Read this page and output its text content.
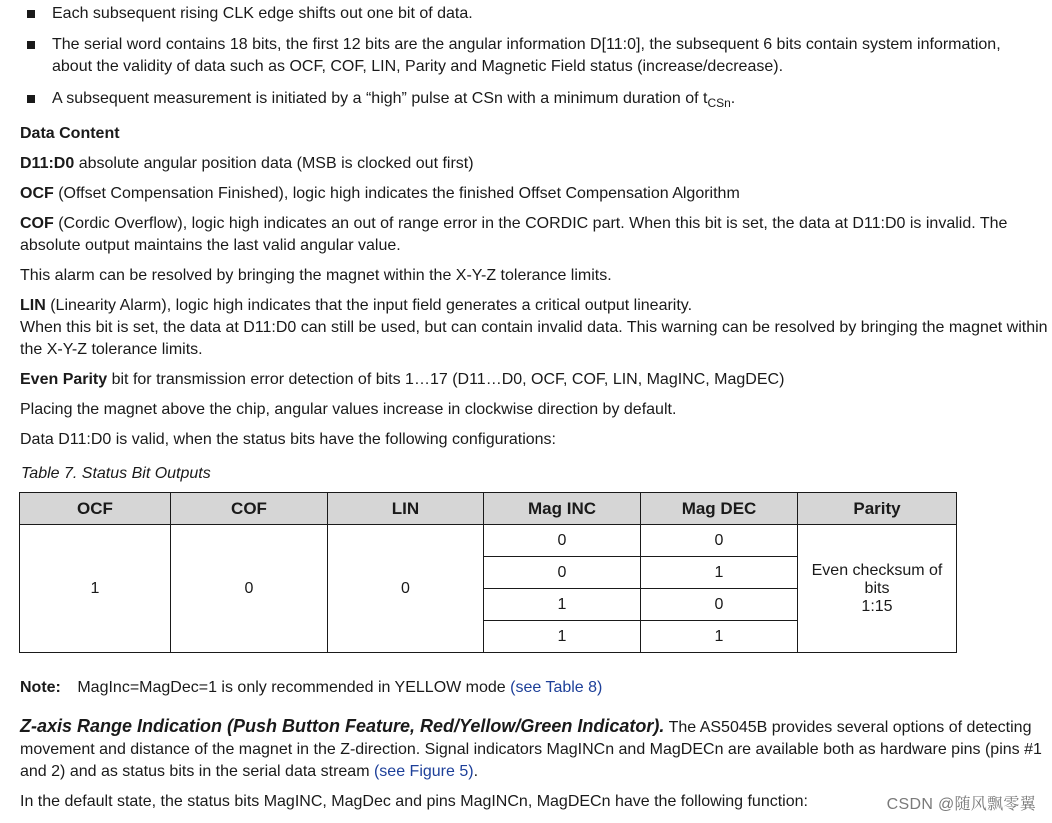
Each subsequent rising CLK edge shifts out one bit of data.
The serial word contains 18 bits, the first 12 bits are the angular information D[11:0], the subsequent 6 bits contain system information,
about the validity of data such as OCF, COF, LIN, Parity and Magnetic Field status (increase/decrease).
A subsequent measurement is initiated by a “high” pulse at CSn with a minimum duration of $t_{CSn}$.
Data Content
D11:D0 absolute angular position data (MSB is clocked out first)
OCF (Offset Compensation Finished), logic high indicates the finished Offset Compensation Algorithm
COF (Cordic Overflow), logic high indicates an out of range error in the CORDIC part. When this bit is set, the data at D11:D0 is invalid. The
absolute output maintains the last valid angular value.
This alarm can be resolved by bringing the magnet within the X-Y-Z tolerance limits.
LIN (Linearity Alarm), logic high indicates that the input field generates a critical output linearity.
When this bit is set, the data at D11:D0 can still be used, but can contain invalid data. This warning can be resolved by bringing the magnet within
the X-Y-Z tolerance limits.
Even Parity bit for transmission error detection of bits 1…17 (D11…D0, OCF, COF, LIN, MagINC, MagDEC)
Placing the magnet above the chip, angular values increase in clockwise direction by default.
Data D11:D0 is valid, when the status bits have the following configurations:
Table 7. Status Bit Outputs
OCF	COF	LIN	Mag INC	Mag DEC	Parity
1	0	0	0	0	Even checksum of bits
1:15

			0	1	
			1	0	
			1	1	
Note: MagInc=MagDec=1 is only recommended in YELLOW mode (see Table 8)
Z-axis Range Indication (Push Button Feature, Red/Yellow/Green Indicator). The AS5045B provides several options of detecting
movement and distance of the magnet in the Z-direction. Signal indicators MagINCn and MagDECn are available both as hardware pins (pins #1
and 2) and as status bits in the serial data stream (see Figure 5).
In the default state, the status bits MagINC, MagDec and pins MagINCn, MagDECn have the following function:	CSDN @随风飘零翼
